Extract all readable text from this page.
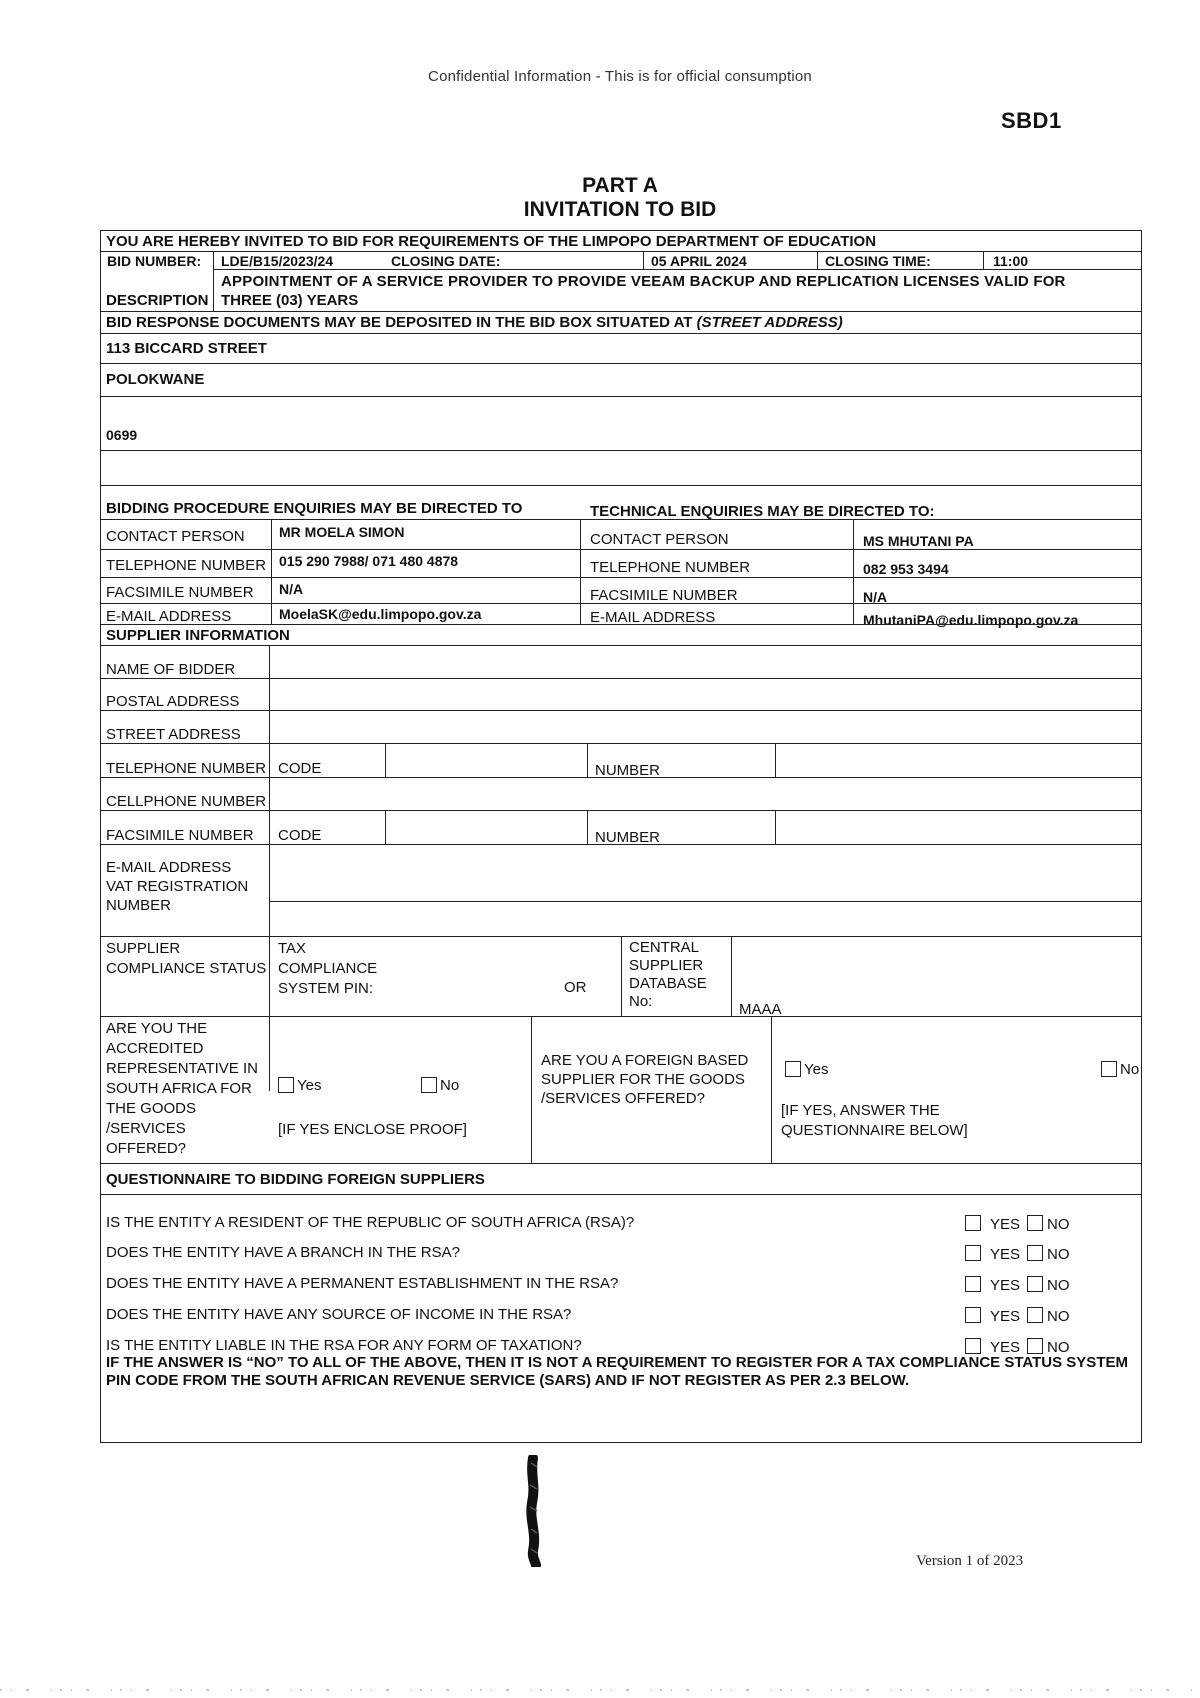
Confidential Information - This is for official consumption
SBD1
PART A
INVITATION TO BID
YOU ARE HEREBY INVITED TO BID FOR REQUIREMENTS OF THE LIMPOPO DEPARTMENT OF EDUCATION
BID NUMBER: LDE/B15/2023/24	CLOSING DATE:	05 APRIL 2024	CLOSING TIME:	11:00
DESCRIPTION
APPOINTMENT OF A SERVICE PROVIDER TO PROVIDE VEEAM BACKUP AND REPLICATION LICENSES VALID FOR
THREE (03) YEARS
BID RESPONSE DOCUMENTS MAY BE DEPOSITED IN THE BID BOX SITUATED AT (STREET ADDRESS)
113 BICCARD STREET
POLOKWANE
0699
BIDDING PROCEDURE ENQUIRIES MAY BE DIRECTED TO	TECHNICAL ENQUIRIES MAY BE DIRECTED TO:
CONTACT PERSON MR MOELA SIMON	CONTACT PERSON	MS MHUTANI PA
TELEPHONE NUMBER 015 290 7988/ 071 480 4878	TELEPHONE NUMBER	082 953 3494
FACSIMILE NUMBER N/A	FACSIMILE NUMBER	N/A
E-MAIL ADDRESS	MoelaSK@edu.limpopo.gov.za	E-MAIL ADDRESS	MhutaniPA@edu.limpopo.gov.za
SUPPLIER INFORMATION
NAME OF BIDDER
POSTAL ADDRESS
STREET ADDRESS
TELEPHONE NUMBER CODE	NUMBER
CELLPHONE NUMBER
FACSIMILE NUMBER CODE	NUMBER
E-MAIL ADDRESS
VAT REGISTRATION
NUMBER
SUPPLIER
COMPLIANCE STATUS
TAX
COMPLIANCE
SYSTEM PIN:	OR
CENTRAL
SUPPLIER
DATABASE
No:	MAAA
ARE YOU THE
ACCREDITED
REPRESENTATIVE IN
SOUTH AFRICA FOR
THE GOODS
/SERVICES
OFFERED?
Yes	No
[IF YES ENCLOSE PROOF]
ARE YOU A FOREIGN BASED
SUPPLIER FOR THE GOODS
/SERVICES OFFERED?
Yes	No
[IF YES, ANSWER THE
QUESTIONNAIRE BELOW]
QUESTIONNAIRE TO BIDDING FOREIGN SUPPLIERS
IS THE ENTITY A RESIDENT OF THE REPUBLIC OF SOUTH AFRICA (RSA)?	YES NO
DOES THE ENTITY HAVE A BRANCH IN THE RSA?	YES NO
DOES THE ENTITY HAVE A PERMANENT ESTABLISHMENT IN THE RSA?	YES NO
DOES THE ENTITY HAVE ANY SOURCE OF INCOME IN THE RSA?	YES NO
IS THE ENTITY LIABLE IN THE RSA FOR ANY FORM OF TAXATION?	YES NO
IF THE ANSWER IS “NO” TO ALL OF THE ABOVE, THEN IT IS NOT A REQUIREMENT TO REGISTER FOR A TAX COMPLIANCE STATUS SYSTEM PIN CODE FROM THE SOUTH AFRICAN REVENUE SERVICE (SARS) AND IF NOT REGISTER AS PER 2.3 BELOW.
Version 1 of 2023
